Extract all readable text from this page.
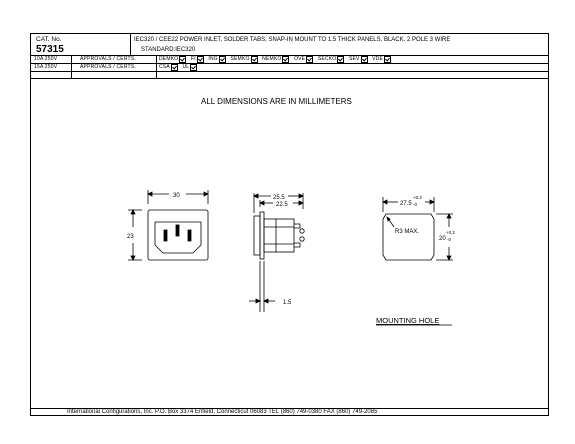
CAT. No.
57315
IEC320 / CEE22 POWER INLET, SOLDER TABS, SNAP-IN MOUNT TO 1.5 THICK PANELS, BLACK, 2 POLE 3 WIRE
STANDARD:IEC320
10A 250V	APPROVALS / CERTS.	DEMKO	FI	ING	SEMKO	NEMKO	OVE	SECKO	SEV	VDE
15A 250V	APPROVALS / CERTS.	CSA	UL
ALL DIMENSIONS ARE IN MILLIMETERS
30
23
25.5
22.5
1.5
27.5
+0.2
-0
20
+0.2
-0
R3 MAX.
MOUNTING HOLE
International Configurations, Inc. P.O. Box 3374 Enfield, Connecticut 06083 TEL (860) 749-0380 FAX (860) 749-2085
